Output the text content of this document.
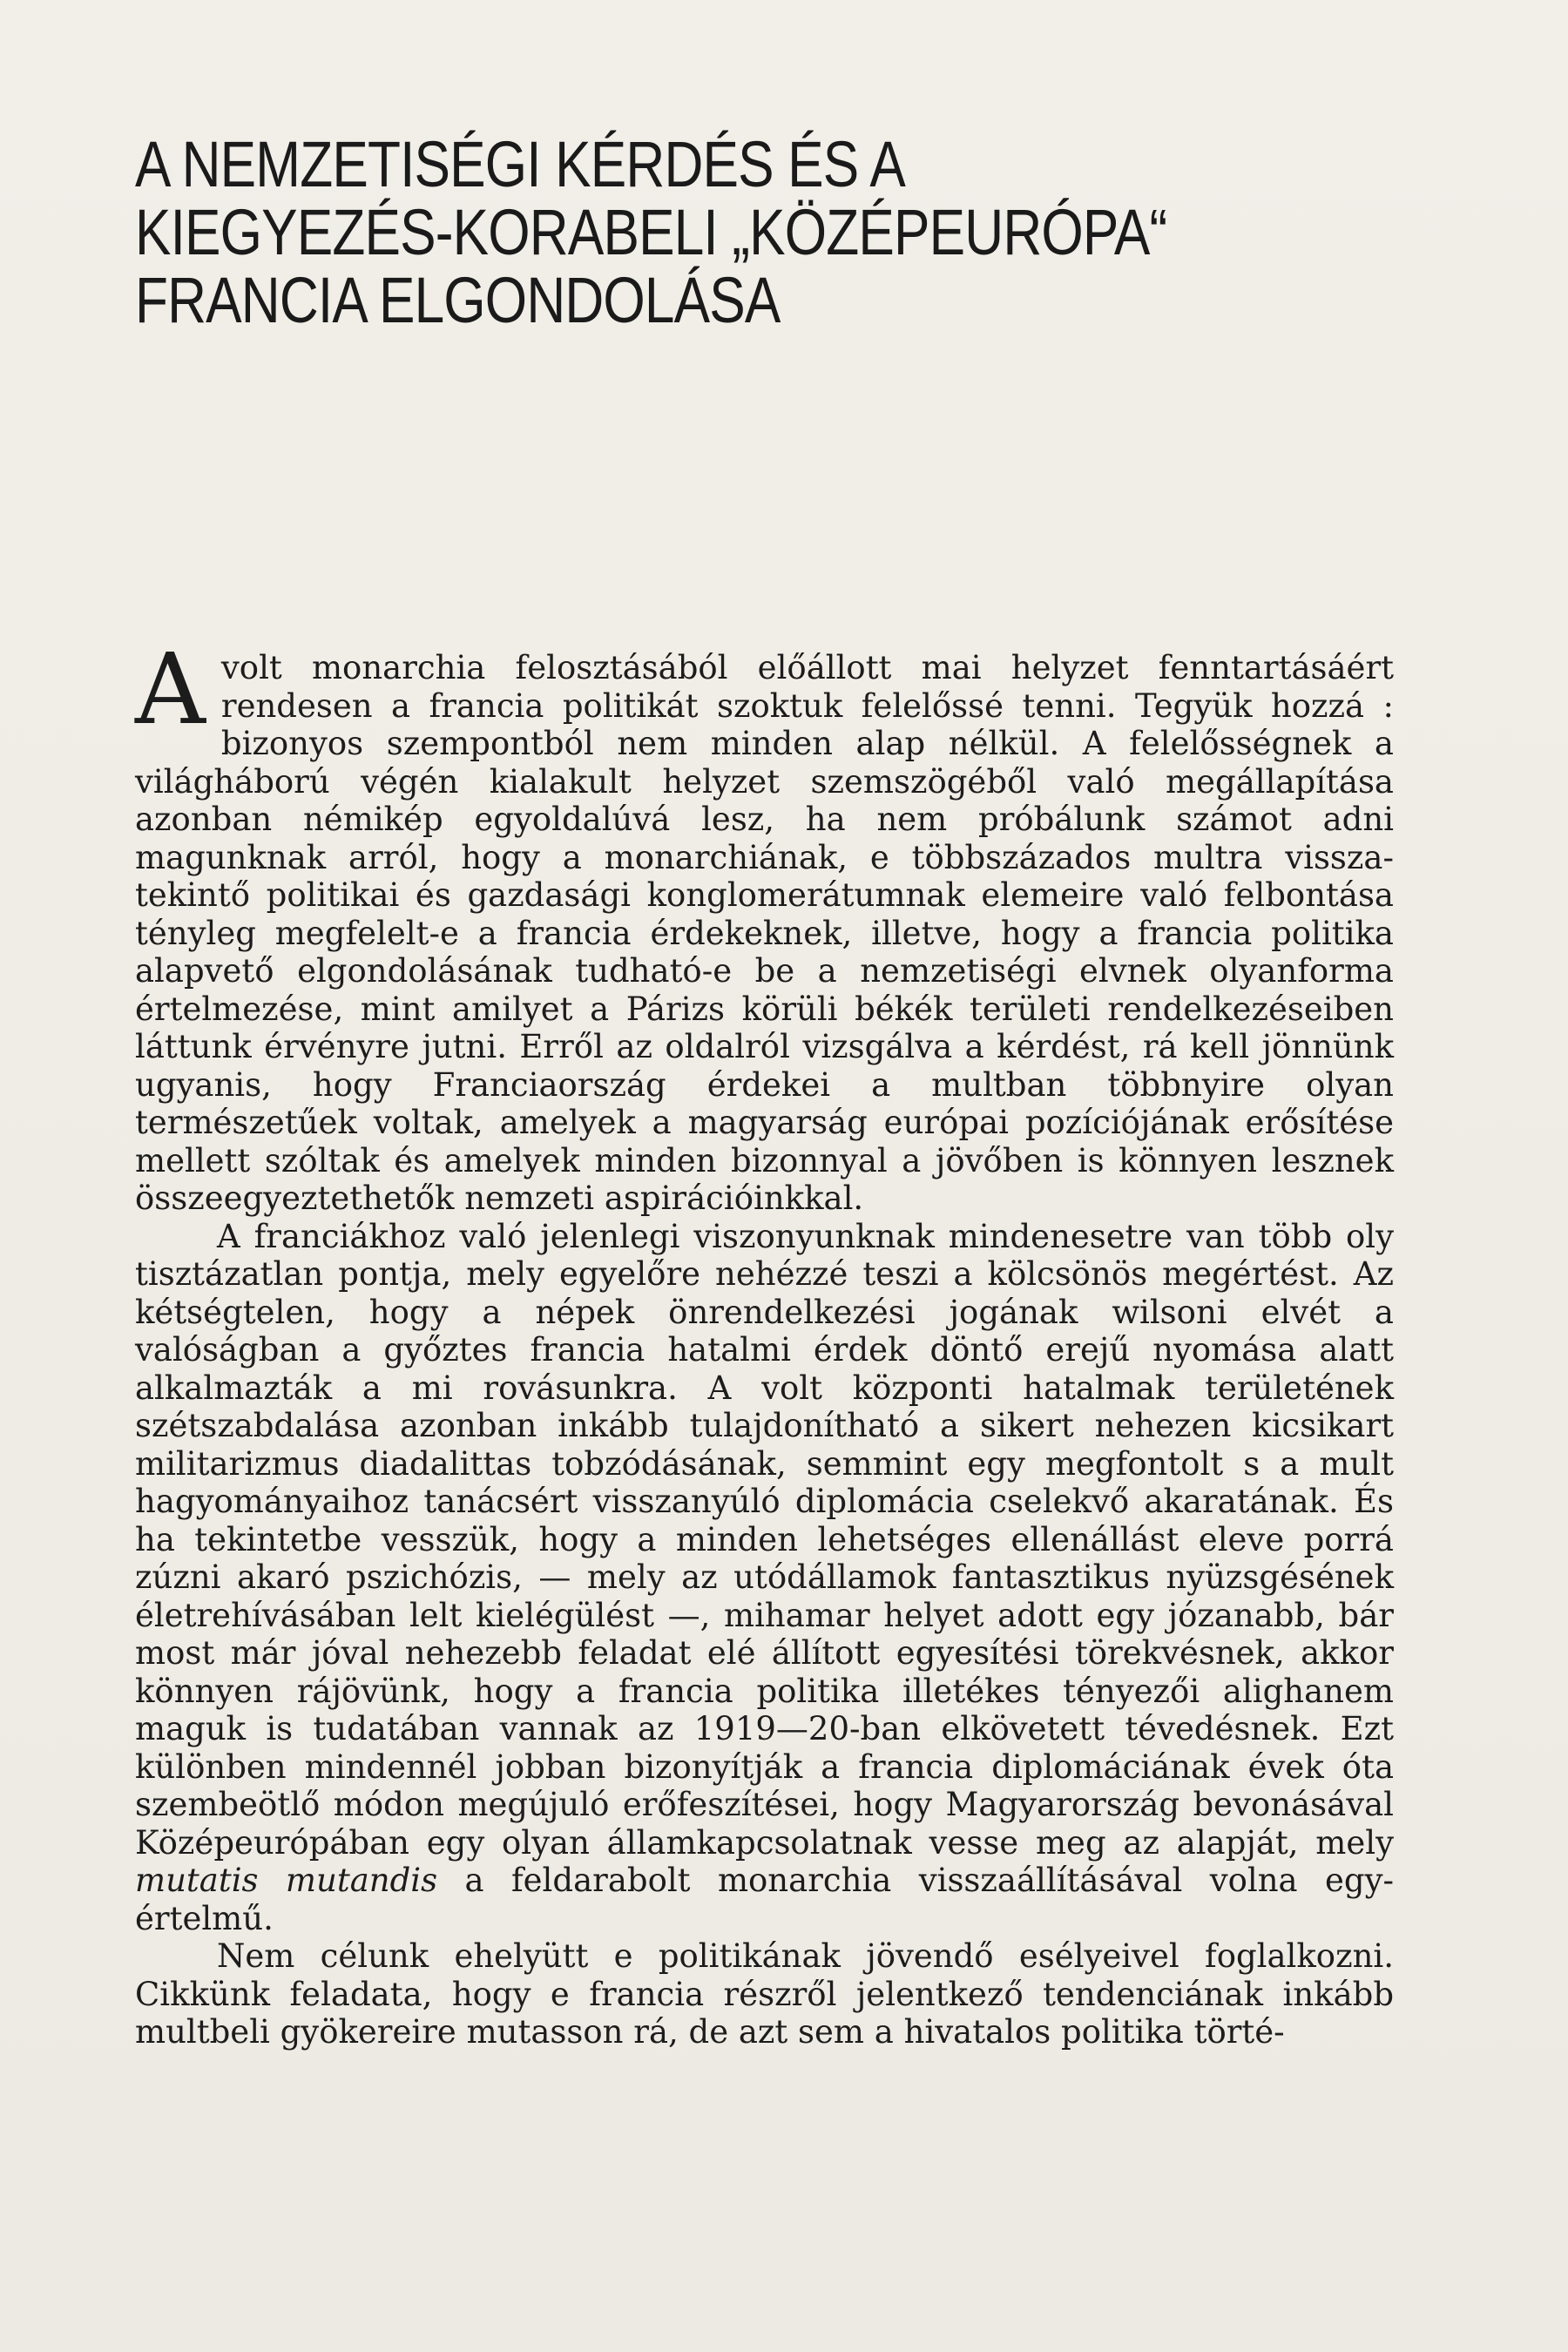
A NEMZETISÉGI KÉRDÉS ÉS A
KIEGYEZÉS-KORABELI „KÖZÉPEURÓPA“
FRANCIA ELGONDOLÁSA

Avolt monarchia felosztásából előállott mai helyzet fenntartásáért rendesen a francia politikát szoktuk felelőssé tenni. Tegyük hozzá : bizonyos szempontból nem minden alap nélkül. A felelősségnek a világháború végén kialakult helyzet szemszögéből való megállapítása azonban némikép egyoldalúvá lesz, ha nem próbálunk számot adni magunknak arról, hogy a monarchiának, e többszázados multra visszatekintő politikai és gazdasági konglomerátumnak elemeire való felbontása tényleg megfelelt-e a francia érdekeknek, illetve, hogy a francia politika alapvető elgondolásának tudható-e be a nemzetiségi elvnek olyanforma értelmezése, mint amilyet a Párizs körüli békék területi rendelkezéseiben láttunk érvényre jutni. Erről az oldalról vizsgálva a kérdést, rá kell jönnünk ugyanis, hogy Franciaország érdekei a multban többnyire olyan természetűek voltak, amelyek a magyarság európai pozíciójának erősítése mellett szóltak és amelyek minden bizonnyal a jövőben is könnyen lesznek összeegyeztethetők nemzeti aspirációinkkal.

A franciákhoz való jelenlegi viszonyunknak mindenesetre van több oly tisztázatlan pontja, mely egyelőre nehézzé teszi a kölcsönös megértést. Az kétségtelen, hogy a népek önrendelkezési jogának wilsoni elvét a valóságban a győztes francia hatalmi érdek döntő erejű nyomása alatt alkalmazták a mi rovásunkra. A volt központi hatalmak területének szétszabdalása azonban inkább tulajdonítható a sikert nehezen kicsikart militarizmus diadalittas tobzódásának, semmint egy megfontolt s a mult hagyományaihoz tanácsért visszanyúló diplomácia cselekvő akaratának. És ha tekintetbe vesszük, hogy a minden lehetséges ellenállást eleve porrá zúzni akaró pszichózis, — mely az utódállamok fantasztikus nyüzsgésének életrehívásában lelt kielégülést —, mihamar helyet adott egy józanabb, bár most már jóval nehezebb feladat elé állított egyesítési törekvésnek, akkor könnyen rájövünk, hogy a francia politika illetékes tényezői alighanem maguk is tudatában vannak az 1919—20-ban elkövetett tévedésnek. Ezt különben mindennél jobban bizonyítják a francia diplomáciának évek óta szembeötlő módon megújuló erőfeszítései, hogy Magyarország bevonásával Középeurópában egy olyan államkapcsolatnak vesse meg az alapját, mely mutatis mutandis a feldarabolt monarchia visszaállításával volna egyértelmű.

Nem célunk ehelyütt e politikának jövendő esélyeivel foglalkozni. Cikkünk feladata, hogy e francia részről jelentkező tendenciának inkább multbeli gyökereire mutasson rá, de azt sem a hivatalos politika törté-
